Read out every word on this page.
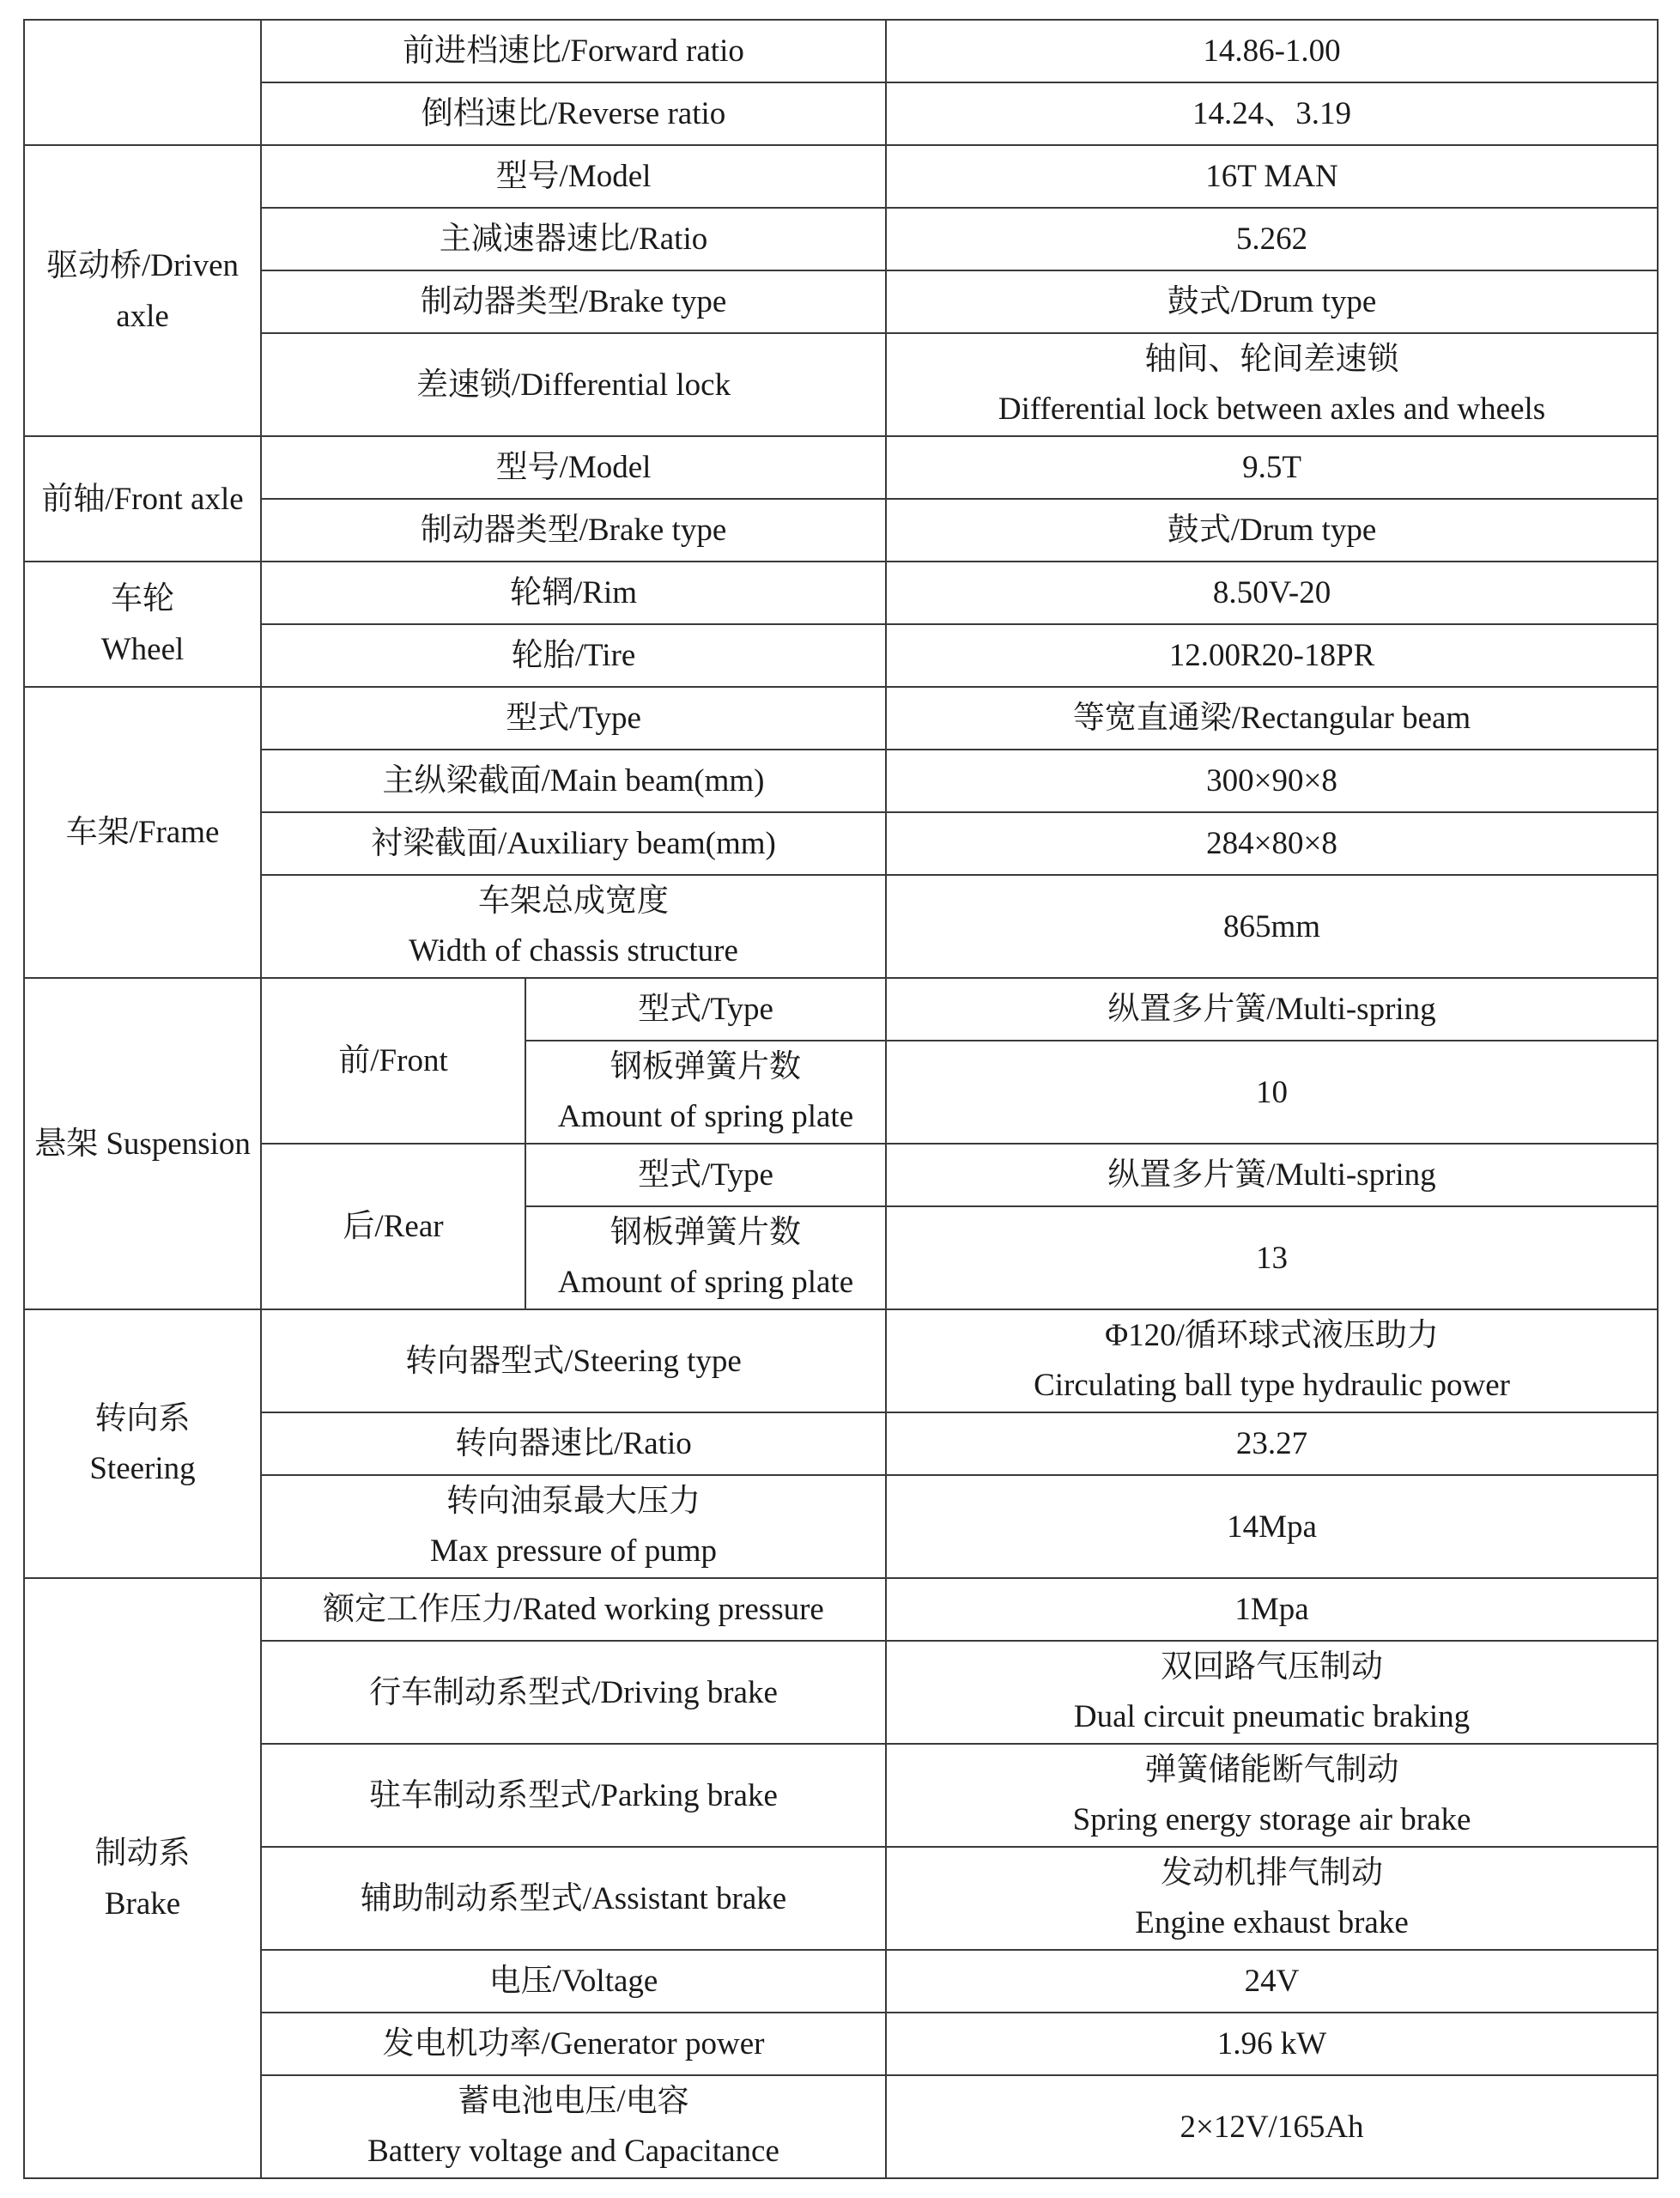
	前进档速比/Forward ratio		14.86-1.00
	倒档速比/Reverse ratio		14.24、3.19

驱动桥/Driven
axle	型号/Model		16T MAN
	主减速器速比/Ratio		5.262
	制动器类型/Brake type		鼓式/Drum type
	差速锁/Differential lock		轴间、轮间差速锁
Differential lock between axles and wheels

前轴/Front axle	型号/Model		9.5T
	制动器类型/Brake type		鼓式/Drum type

车轮
Wheel	轮辋/Rim		8.50V-20
	轮胎/Tire		12.00R20-18PR
车架/Frame	型式/Type		等宽直通梁/Rectangular beam
	主纵梁截面/Main beam(mm)		300×90×8
	衬梁截面/Auxiliary beam(mm)		284×80×8

	车架总成宽度
Width of chassis structure		865mm
悬架 Suspension	前/Front	型式/Type	纵置多片簧/Multi-spring

		钢板弹簧片数
Amount of spring plate	10
	后/Rear	型式/Type	纵置多片簧/Multi-spring

		钢板弹簧片数
Amount of spring plate	13

转向系
Steering	转向器型式/Steering type		Φ120/循环球式液压助力
Circulating ball type hydraulic power

	转向器速比/Ratio		23.27

	转向油泵最大压力
Max pressure of pump		14Mpa

制动系
Brake	额定工作压力/Rated working pressure		1Mpa
	行车制动系型式/Driving brake		双回路气压制动
Dual circuit pneumatic braking

	驻车制动系型式/Parking brake		弹簧储能断气制动
Spring energy storage air brake

	辅助制动系型式/Assistant brake		发动机排气制动
Engine exhaust brake

	电压/Voltage		24V
	发电机功率/Generator power		1.96 kW

	蓄电池电压/电容
Battery voltage and Capacitance		2×12V/165Ah
